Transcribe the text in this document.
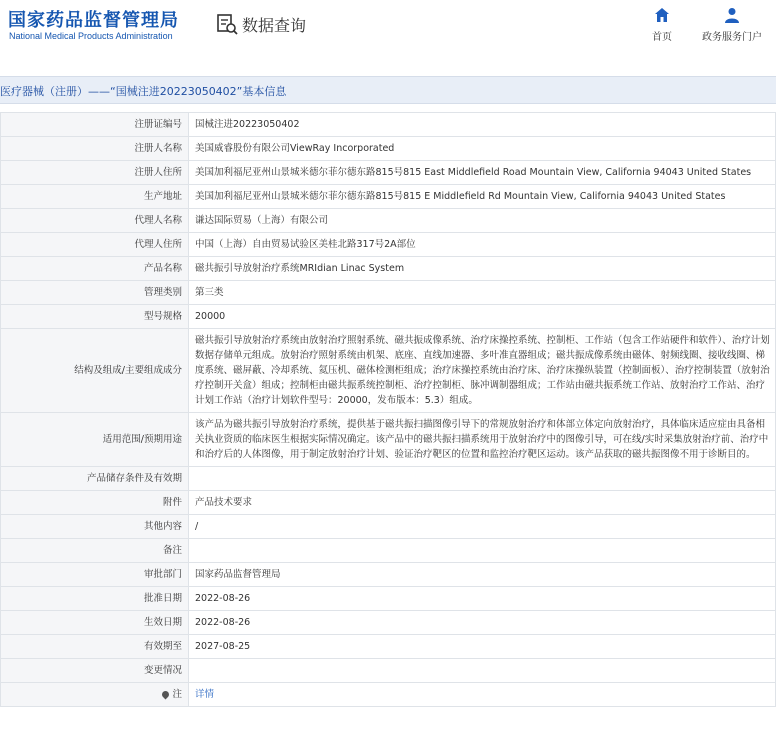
国家药品监督管理局
National Medical Products Administration
数据查询
首页	政务服务门户
医疗器械（注册）——“国械注进20223050402”基本信息
注册证编号	国械注进20223050402
注册人名称	美国威睿股份有限公司ViewRay Incorporated
注册人住所	美国加利福尼亚州山景城米德尔菲尔德东路815号815 East Middlefield Road Mountain View, California 94043 United States
生产地址	美国加利福尼亚州山景城米德尔菲尔德东路815号815 E Middlefield Rd Mountain View, California 94043 United States
代理人名称	谦达国际贸易（上海）有限公司
代理人住所	中国（上海）自由贸易试验区美桂北路317号2A部位
产品名称	磁共振引导放射治疗系统MRIdian Linac System
管理类别	第三类
型号规格	20000
结构及组成/主要组成成分	磁共振引导放射治疗系统由放射治疗照射系统、磁共振成像系统、治疗床操控系统、控制柜、工作站（包含工作站硬件和软件）、治疗计划数据存储单元组成。放射治疗照射系统由机架、底座、直线加速器、多叶准直器组成；磁共振成像系统由磁体、射频线圈、接收线圈、梯度系统、磁屏蔽、冷却系统、氦压机、磁体检测柜组成；治疗床操控系统由治疗床、治疗床操纵装置（控制面板）、治疗控制装置（放射治疗控制开关盒）组成；控制柜由磁共振系统控制柜、治疗控制柜、脉冲调制器组成；工作站由磁共振系统工作站、放射治疗工作站、治疗计划工作站（治疗计划软件型号：20000，发布版本：5.3）组成。
适用范围/预期用途	该产品为磁共振引导放射治疗系统，提供基于磁共振扫描图像引导下的常规放射治疗和体部立体定向放射治疗，具体临床适应症由具备相关执业资质的临床医生根据实际情况确定。该产品中的磁共振扫描系统用于放射治疗中的图像引导，可在线/实时采集放射治疗前、治疗中和治疗后的人体图像，用于制定放射治疗计划、验证治疗靶区的位置和监控治疗靶区运动。该产品获取的磁共振图像不用于诊断目的。
产品储存条件及有效期	
附件	产品技术要求
其他内容	/
备注	
审批部门	国家药品监督管理局
批准日期	2022-08-26
生效日期	2022-08-26
有效期至	2027-08-25
变更情况	
注	详情
